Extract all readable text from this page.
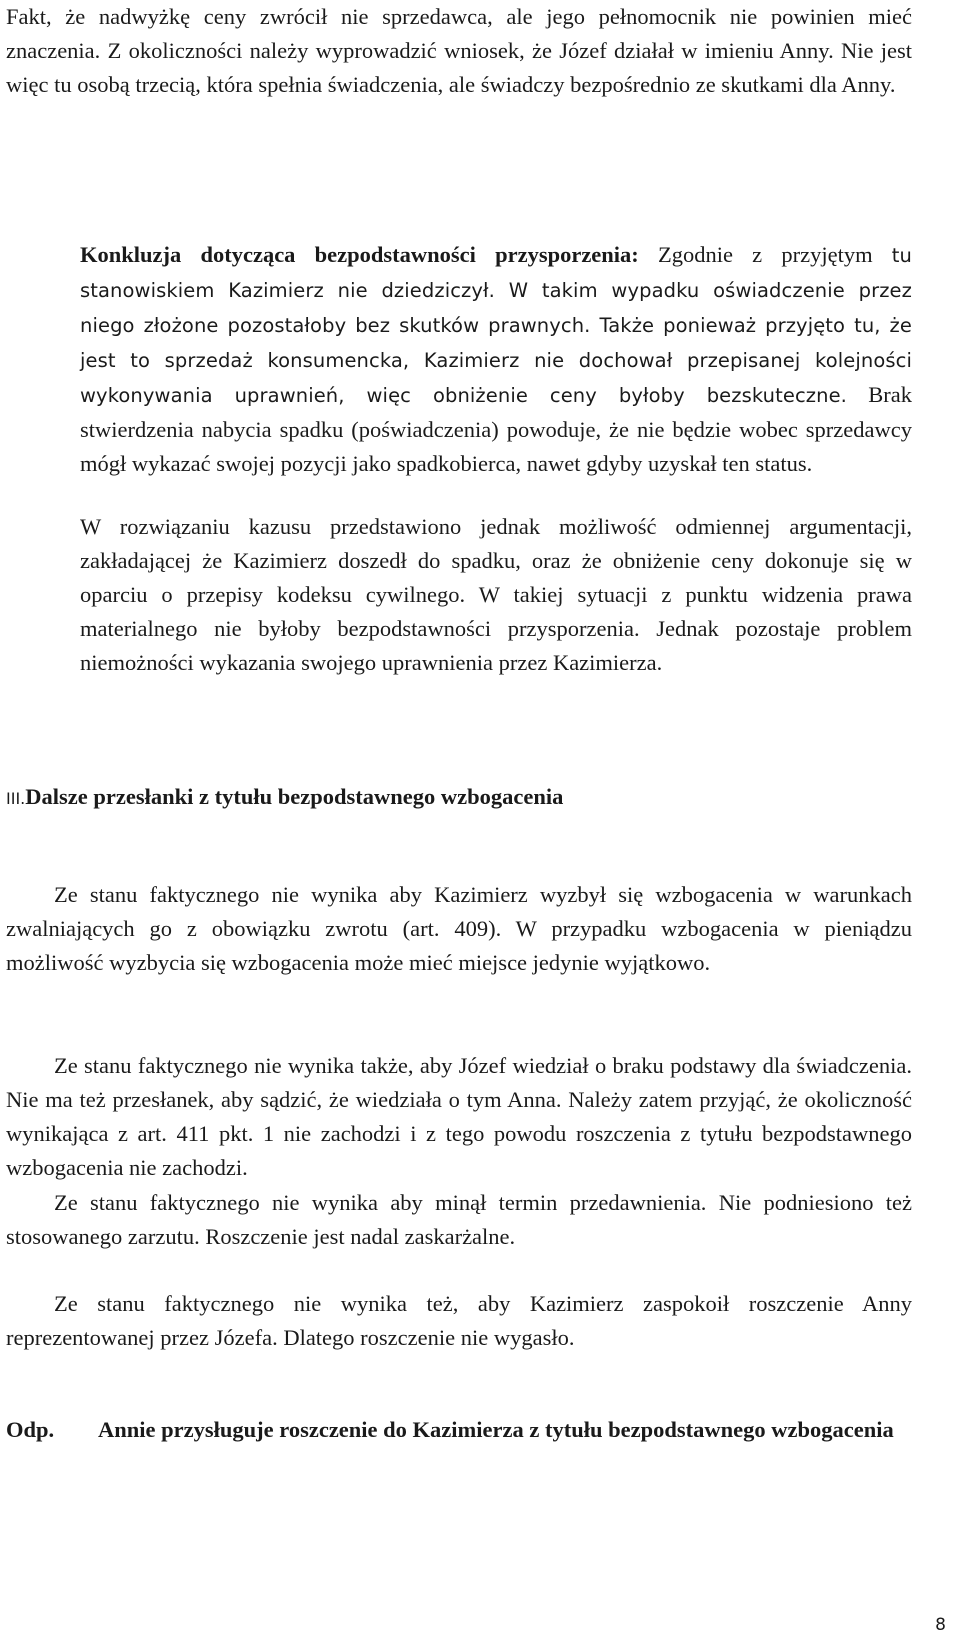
Fakt, że nadwyżkę ceny zwrócił nie sprzedawca, ale jego pełnomocnik nie powinien mieć znaczenia. Z okoliczności należy wyprowadzić wniosek, że Józef działał w imieniu Anny. Nie jest więc tu osobą trzecią, która spełnia świadczenia, ale świadczy bezpośrednio ze skutkami dla Anny.

Konkluzja dotycząca bezpodstawności przysporzenia: Zgodnie z przyjętym tu stanowiskiem Kazimierz nie dziedziczył. W takim wypadku oświadczenie przez niego złożone pozostałoby bez skutków prawnych. Także ponieważ przyjęto tu, że jest to sprzedaż konsumencka, Kazimierz nie dochował przepisanej kolejności wykonywania uprawnień, więc obniżenie ceny byłoby bezskuteczne. Brak stwierdzenia nabycia spadku (poświadczenia) powoduje, że nie będzie wobec sprzedawcy mógł wykazać swojej pozycji jako spadkobierca, nawet gdyby uzyskał ten status.

W rozwiązaniu kazusu przedstawiono jednak możliwość odmiennej argumentacji, zakładającej że Kazimierz doszedł do spadku, oraz że obniżenie ceny dokonuje się w oparciu o przepisy kodeksu cywilnego. W takiej sytuacji z punktu widzenia prawa materialnego nie byłoby bezpodstawności przysporzenia. Jednak pozostaje problem niemożności wykazania swojego uprawnienia przez Kazimierza.

III.Dalsze przesłanki z tytułu bezpodstawnego wzbogacenia

Ze stanu faktycznego nie wynika aby Kazimierz wyzbył się wzbogacenia w warunkach zwalniających go z obowiązku zwrotu (art. 409). W przypadku wzbogacenia w pieniądzu możliwość wyzbycia się wzbogacenia może mieć miejsce jedynie wyjątkowo.

Ze stanu faktycznego nie wynika także, aby Józef wiedział o braku podstawy dla świadczenia. Nie ma też przesłanek, aby sądzić, że wiedziała o tym Anna. Należy zatem przyjąć, że okoliczność wynikająca z art. 411 pkt. 1 nie zachodzi i z tego powodu roszczenia z tytułu bezpodstawnego wzbogacenia nie zachodzi.

Ze stanu faktycznego nie wynika aby minął termin przedawnienia. Nie podniesiono też stosowanego zarzutu. Roszczenie jest nadal zaskarżalne.

Ze stanu faktycznego nie wynika też, aby Kazimierz zaspokoił roszczenie Anny reprezentowanej przez Józefa. Dlatego roszczenie nie wygasło.

Odp. Annie przysługuje roszczenie do Kazimierza z tytułu bezpodstawnego wzbogacenia
8
